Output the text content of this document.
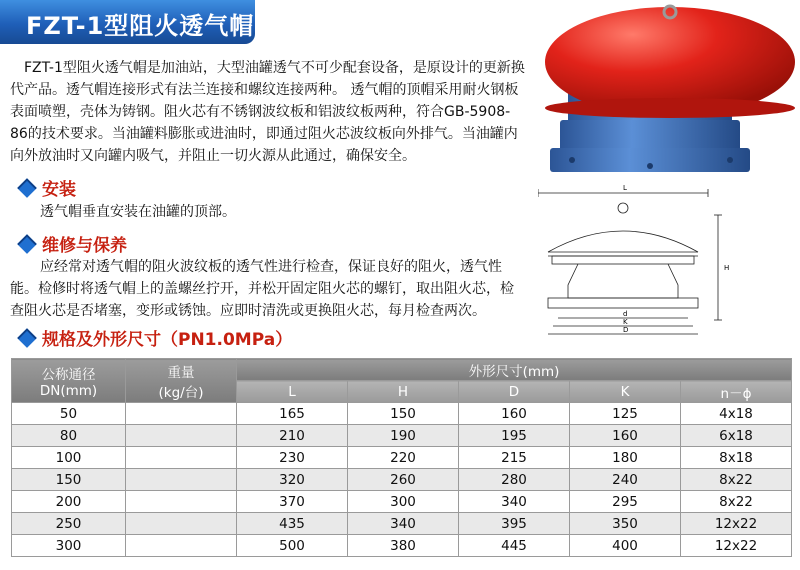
FZT-1型阻火透气帽

FZT-1型阻火透气帽是加油站，大型油罐透气不可少配套设备，是原设计的更新换代产品。透气帽连接形式有法兰连接和螺纹连接两种。 透气帽的顶帽采用耐火钢板表面喷塑，壳体为铸钢。阻火芯有不锈钢波纹板和铝波纹板两种，符合GB-5908-86的技术要求。当油罐料膨胀或进油时，即通过阻火芯波纹板向外排气。当油罐内向外放油时又向罐内吸气，并阻止一切火源从此通过，确保安全。

L
H
d
K
D
安装

透气帽垂直安装在油罐的顶部。

维修与保养

应经常对透气帽的阻火波纹板的透气性进行检查，保证良好的阻火，透气性能。检修时将透气帽上的盖螺丝拧开，并松开固定阻火芯的螺钉，取出阻火芯，检查阻火芯是否堵塞，变形或锈蚀。应即时清洗或更换阻火芯，每月检查两次。

规格及外形尺寸（PN1.0MPa）
公称通径
DN(mm)	重量
(kg/台)	外形尺寸(mm)				
		L	H	D	K	n－ϕ
50		165	150	160	125	4x18
80		210	190	195	160	6x18
100		230	220	215	180	8x18
150		320	260	280	240	8x22
200		370	300	340	295	8x22
250		435	340	395	350	12x22
300		500	380	445	400	12x22
